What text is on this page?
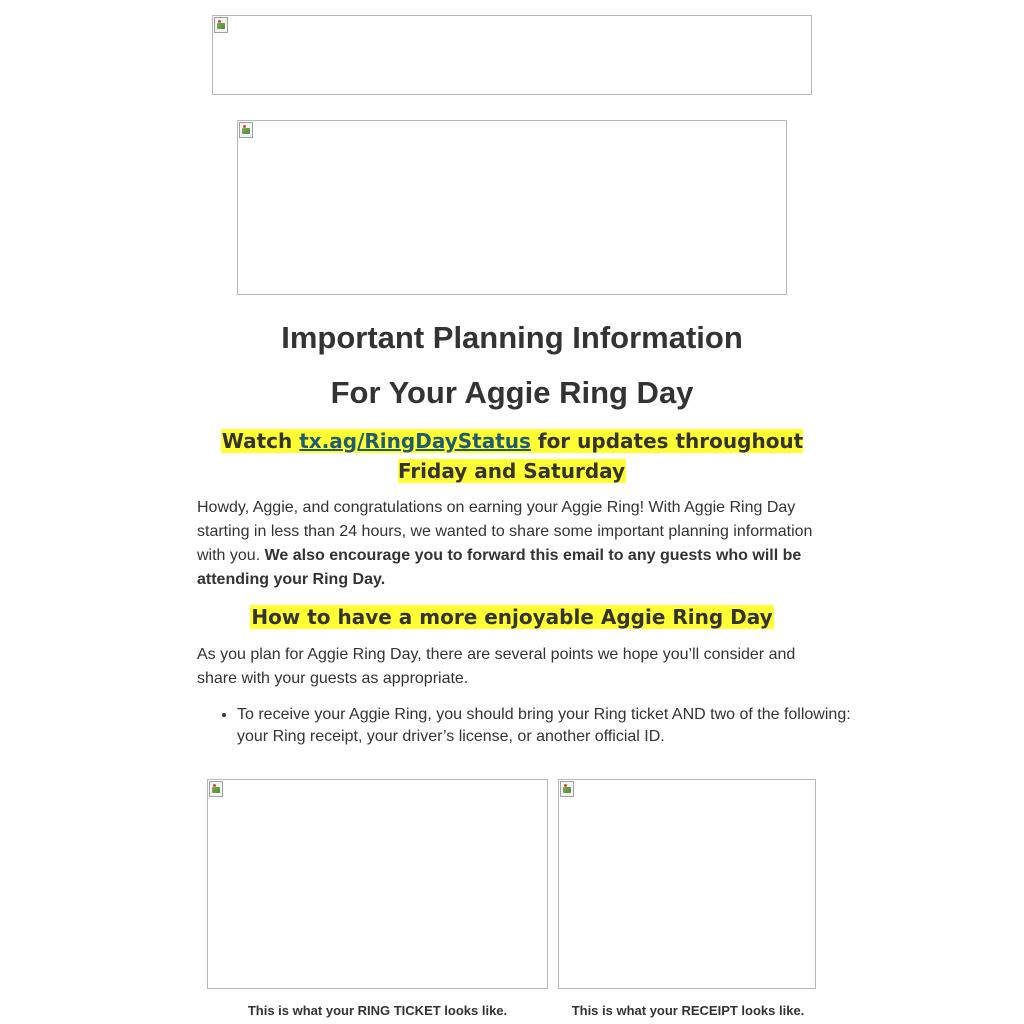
Important Planning Information
For Your Aggie Ring Day
Watch tx.ag/RingDayStatus for updates throughout Friday and Saturday

Howdy, Aggie, and congratulations on earning your Aggie Ring! With Aggie Ring Day starting in less than 24 hours, we wanted to share some important planning information with you. We also encourage you to forward this email to any guests who will be attending your Ring Day.

How to have a more enjoyable Aggie Ring Day

As you plan for Aggie Ring Day, there are several points we hope you’ll consider and share with your guests as appropriate.

• To receive your Aggie Ring, you should bring your Ring ticket AND two of the following: your Ring receipt, your driver’s license, or another official ID.
This is what your RING TICKET looks like.	This is what your RECEIPT looks like.
